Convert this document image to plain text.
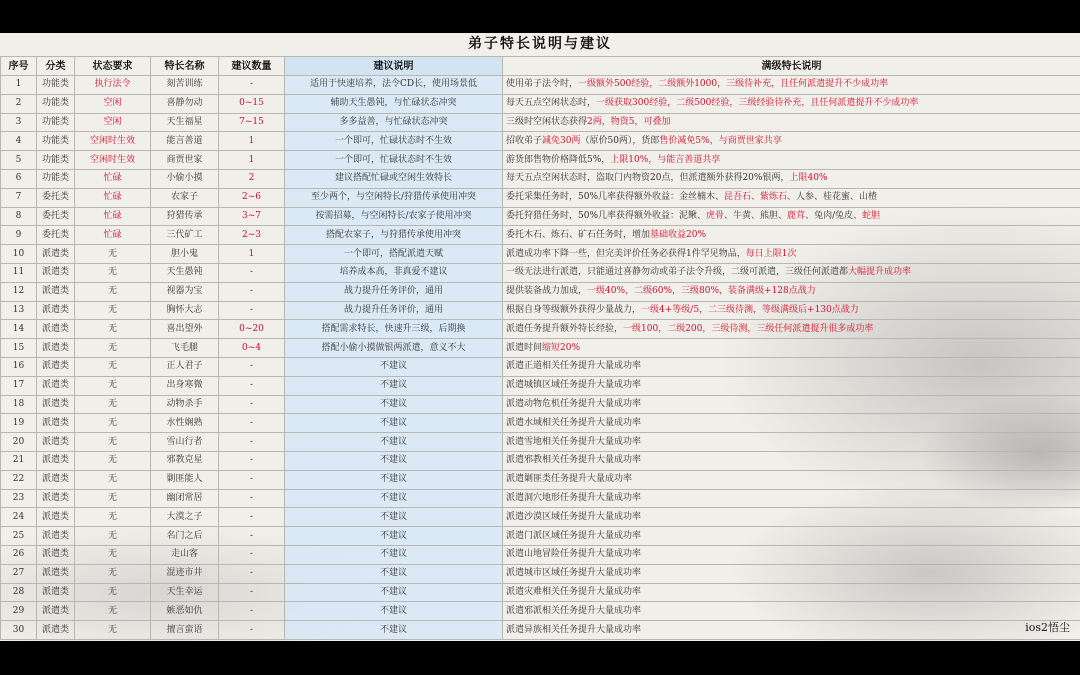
弟子特长说明与建议
序号	分类	状态要求	特长名称	建议数量	建议说明	满级特长说明
1	功能类	执行法令	刻苦训练	-	适用于快速培养，法令CD长，使用场景低	使用弟子法令时，一级额外500经验，二级额外1000，三级待补充，且任何派遣提升不少成功率
2	功能类	空闲	喜静勿动	0~15	辅助天生愚钝，与忙碌状态冲突	每天五点空闲状态时，一级获取300经验，二级500经验，三级经验待补充，且任何派遣提升不少成功率
3	功能类	空闲	天生福星	7~15	多多益善，与忙碌状态冲突	三级时空闲状态获得2两，物资5，可叠加
4	功能类	空闲时生效	能言善道	1	一个即可，忙碌状态时不生效	招收弟子减免30两（原价50两），货郎售价减免5%，与商贾世家共享
5	功能类	空闲时生效	商贾世家	1	一个即可，忙碌状态时不生效	游货郎售物价格降低5%，上限10%，与能言善道共享
6	功能类	忙碌	小偷小摸	2	建议搭配忙碌或空闲生效特长	每天五点空闲状态时，盗取门内物资20点，但派遣额外获得20%银两，上限40%
7	委托类	忙碌	农家子	2~6	至少两个，与空闲特长/狩猎传承使用冲突	委托采集任务时，50%几率获得额外收益：金丝楠木、昆吾石、紫炼石、人参、桂花蜜、山楂
8	委托类	忙碌	狩猎传承	3~7	按需招募，与空闲特长/农家子使用冲突	委托狩猎任务时，50%几率获得额外收益：泥鳅、虎骨、牛黄、熊胆、鹿茸、兔肉/兔皮、蛇胆
9	委托类	忙碌	三代矿工	2~3	搭配农家子，与狩猎传承使用冲突	委托木石、炼石、矿石任务时，增加基础收益20%
10	派遣类	无	胆小鬼	1	一个即可，搭配派遣天赋	派遣成功率下降一些，但完美评价任务必获得1件罕见物品，每日上限1次
11	派遣类	无	天生愚钝	-	培养成本高，非真爱不建议	一级无法进行派遣，只能通过喜静勿动或弟子法令升级，二级可派遣，三级任何派遣都大幅提升成功率
12	派遣类	无	视器为宝	-	战力提升任务评价，通用	提供装备战力加成，一级40%，二级60%，三级80%，装备满级+128点战力
13	派遣类	无	胸怀大志	-	战力提升任务评价，通用	根据自身等级额外获得少量战力，一级4+等级/5，二三级待测，等级满级后+130点战力
14	派遣类	无	喜出望外	0~20	搭配需求特长，快速升三级，后期换	派遣任务提升额外特长经验，一级100，二级200，三级待测，三级任何派遣提升很多成功率
15	派遣类	无	飞毛腿	0~4	搭配小偷小摸做银两派遣，意义不大	派遣时间缩短20%
16	派遣类	无	正人君子	-	不建议	派遣正道相关任务提升大量成功率
17	派遣类	无	出身寒微	-	不建议	派遣城镇区域任务提升大量成功率
18	派遣类	无	动物杀手	-	不建议	派遣动物危机任务提升大量成功率
19	派遣类	无	水性娴熟	-	不建议	派遣水域相关任务提升大量成功率
20	派遣类	无	雪山行者	-	不建议	派遣雪地相关任务提升大量成功率
21	派遣类	无	邪教克星	-	不建议	派遣邪教相关任务提升大量成功率
22	派遣类	无	剿匪能人	-	不建议	派遣剿匪类任务提升大量成功率
23	派遣类	无	幽闭常居	-	不建议	派遣洞穴地形任务提升大量成功率
24	派遣类	无	大漠之子	-	不建议	派遣沙漠区域任务提升大量成功率
25	派遣类	无	名门之后	-	不建议	派遣门派区域任务提升大量成功率
26	派遣类	无	走山客	-	不建议	派遣山地冒险任务提升大量成功率
27	派遣类	无	混迹市井	-	不建议	派遣城市区域任务提升大量成功率
28	派遣类	无	天生幸运	-	不建议	派遣灾难相关任务提升大量成功率
29	派遣类	无	嫉恶如仇	-	不建议	派遣邪派相关任务提升大量成功率
30	派遣类	无	擅言蛮语	-	不建议	派遣异族相关任务提升大量成功率	ios2悟尘
